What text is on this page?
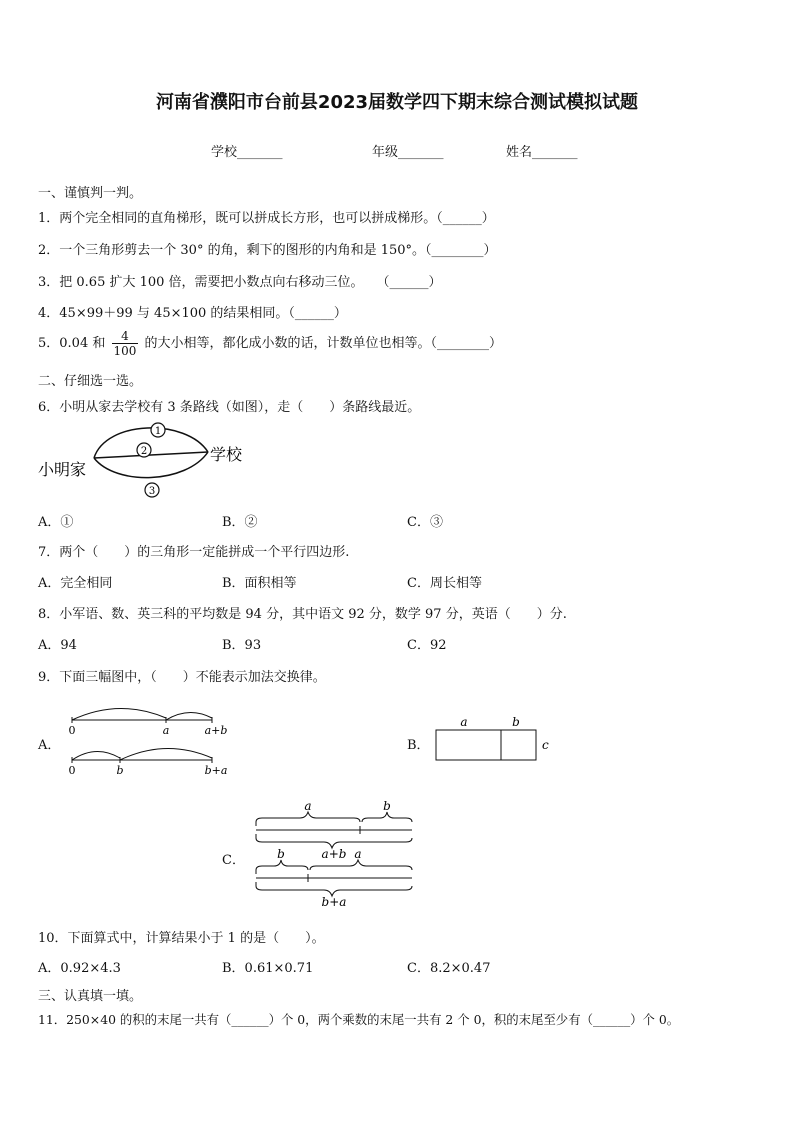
河南省濮阳市台前县2023届数学四下期末综合测试模拟试题
学校_______	年级_______	姓名_______
一、谨慎判一判。
1．两个完全相同的直角梯形，既可以拼成长方形，也可以拼成梯形。（______）
2．一个三角形剪去一个 30° 的角，剩下的图形的内角和是 150°。（________）
3．把 0.65 扩大 100 倍，需要把小数点向右移动三位。　　（______）
4．45×99＋99 与 45×100 的结果相同。（______）
5．0.04 和 $\frac{4}{100}$ 的大小相等，都化成小数的话，计数单位也相等。（________）
二、仔细选一选。
6．小明从家去学校有 3 条路线（如图），走（　　）条路线最近。
1
2
3
小明家
学校
A．①	B．②	C．③
7．两个（　　）的三角形一定能拼成一个平行四边形.
A．完全相同	B．面积相等	C．周长相等
8．小军语、数、英三科的平均数是 94 分，其中语文 92 分，数学 97 分，英语（　　）分.
A．94	B．93	C．92
9．下面三幅图中，（　　）不能表示加法交换律。
A．
0	a	a+b
0	b	b+a
B．
a	b
c
C．
a	b
a+b
b	a
b+a
10．下面算式中，计算结果小于 1 的是（　　）。
A．0.92×4.3	B．0.61×0.71	C．8.2×0.47
三、认真填一填。
11．250×40 的积的末尾一共有（______）个 0，两个乘数的末尾一共有 2 个 0，积的末尾至少有（______）个 0。
